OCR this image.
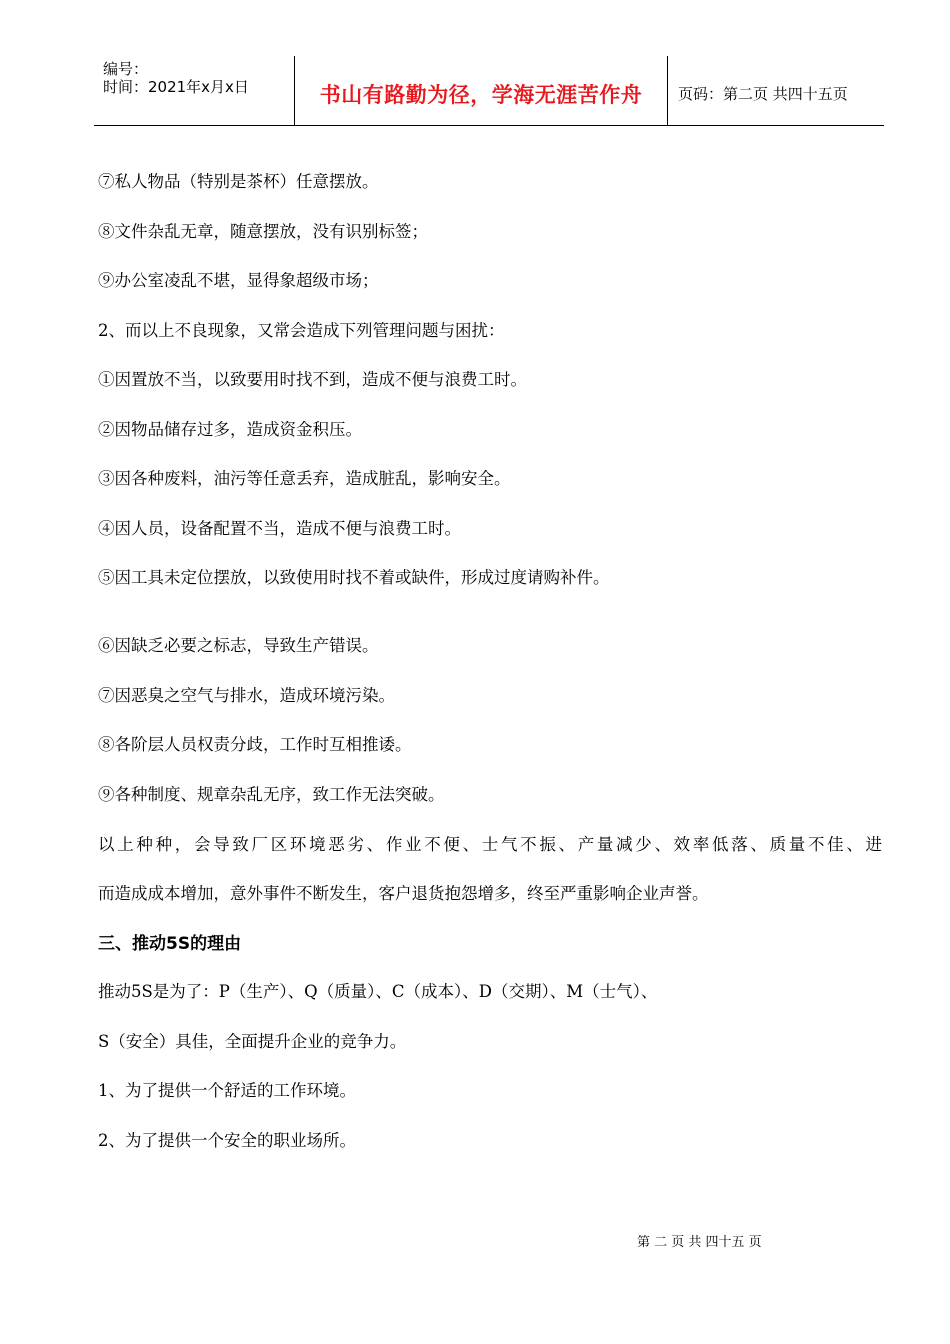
编号：
时间：2021年x月x日	书山有路勤为径，学海无涯苦作舟 页码：第二页 共四十五页
⑦私人物品（特别是茶杯）任意摆放。
⑧文件杂乱无章，随意摆放，没有识别标签；
⑨办公室凌乱不堪，显得象超级市场；
2、而以上不良现象，又常会造成下列管理问题与困扰：
①因置放不当，以致要用时找不到，造成不便与浪费工时。
②因物品储存过多，造成资金积压。
③因各种废料，油污等任意丢弃，造成脏乱，影响安全。
④因人员，设备配置不当，造成不便与浪费工时。
⑤因工具未定位摆放，以致使用时找不着或缺件，形成过度请购补件。
⑥因缺乏必要之标志，导致生产错误。
⑦因恶臭之空气与排水，造成环境污染。
⑧各阶层人员权责分歧，工作时互相推诿。
⑨各种制度、规章杂乱无序，致工作无法突破。
以上种种，会导致厂区环境恶劣、作业不便、士气不振、产量减少、效率低落、质量不佳、进
而造成成本增加，意外事件不断发生，客户退货抱怨增多，终至严重影响企业声誉。
三、推动5S的理由
推动5S是为了：P（生产）、Q（质量）、C（成本）、D（交期）、M（士气）、
S（安全）具佳，全面提升企业的竞争力。
1、为了提供一个舒适的工作环境。
2、为了提供一个安全的职业场所。
第 二 页 共 四十五 页
